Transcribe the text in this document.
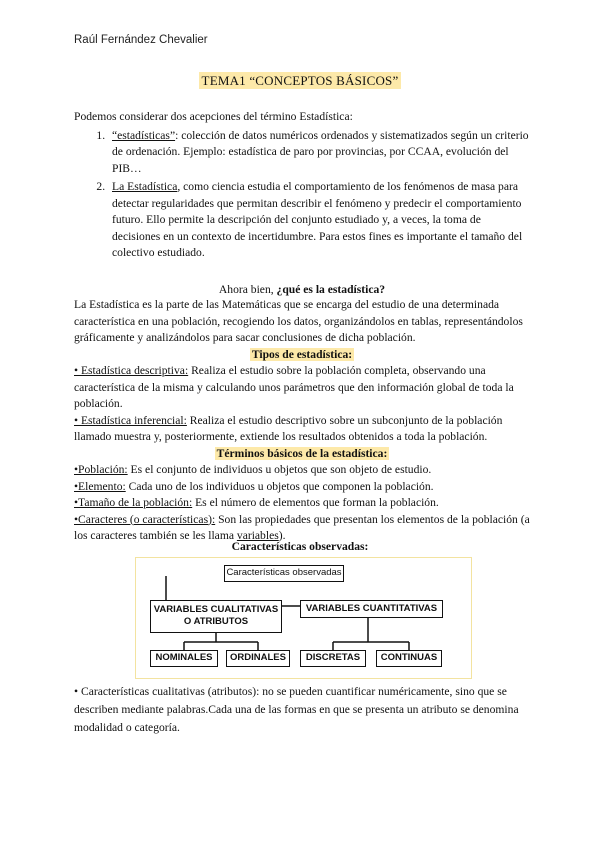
Raúl Fernández Chevalier
TEMA1 “CONCEPTOS BÁSICOS”
Podemos considerar dos acepciones del término Estadística:
1. “estadísticas”: colección de datos numéricos ordenados y sistematizados según un criterio de ordenación. Ejemplo: estadística de paro por provincias, por CCAA, evolución del PIB…
2. La Estadística, como ciencia estudia el comportamiento de los fenómenos de masa para detectar regularidades que permitan describir el fenómeno y predecir el comportamiento futuro. Ello permite la descripción del conjunto estudiado y, a veces, la toma de decisiones en un contexto de incertidumbre. Para estos fines es importante el tamaño del colectivo estudiado.
Ahora bien, ¿qué es la estadística?
La Estadística es la parte de las Matemáticas que se encarga del estudio de una determinada característica en una población, recogiendo los datos, organizándolos en tablas, representándolos gráficamente y analizándolos para sacar conclusiones de dicha población.
Tipos de estadística:
• Estadística descriptiva: Realiza el estudio sobre la población completa, observando una característica de la misma y calculando unos parámetros que den información global de toda la población.
• Estadística inferencial: Realiza el estudio descriptivo sobre un subconjunto de la población llamado muestra y, posteriormente, extiende los resultados obtenidos a toda la población.
Términos básicos de la estadística:
•Población: Es el conjunto de individuos u objetos que son objeto de estudio.
•Elemento: Cada uno de los individuos u objetos que componen la población.
•Tamaño de la población: Es el número de elementos que forman la población.
•Caracteres (o características): Son las propiedades que presentan los elementos de la población (a los caracteres también se les llama variables).
Características observadas:
Características observadas
VARIABLES CUALITATIVAS O ATRIBUTOS
VARIABLES CUANTITATIVAS
NOMINALES	ORDINALES	DISCRETAS	CONTINUAS
• Características cualitativas (atributos): no se pueden cuantificar numéricamente, sino que se describen mediante palabras.Cada una de las formas en que se presenta un atributo se denomina modalidad o categoría.
